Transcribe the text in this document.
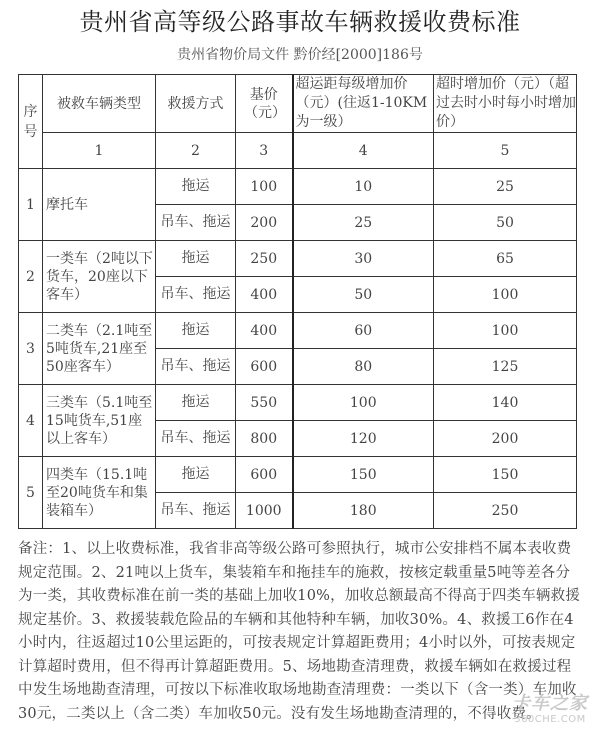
贵州省高等级公路事故车辆救援收费标准
贵州省物价局文件 黔价经[2000]186号
序号	被救车辆类型	救援方式	基价（元）	超运距每级增加价（元）(往返1-10KM为一级）	超时增加价（元）（超过去时小时每小时增加价）
	1	2	3	4	5
1	摩托车	拖运	100	10	25
		吊车、拖运	200	25	50
2	一类车（2吨以下货车，20座以下客车）	拖运	250	30	65
		吊车、拖运	400	50	100
3	二类车（2.1吨至5吨货车,21座至50座客车）	拖运	400	60	100
		吊车、拖运	600	80	125
4	三类车（5.1吨至15吨货车,51座以上客车）	拖运	550	100	140
		吊车、拖运	800	120	200
5	四类车（15.1吨至20吨货车和集装箱车）	拖运	600	150	150
		吊车、拖运	1000	180	250
备注：1、以上收费标准，我省非高等级公路可参照执行，城市公安排档不属本表收费规定范围。2、21吨以上货车，集装箱车和拖挂车的施救，按核定载重量5吨等差各分为一类，其收费标准在前一类的基础上加收10%，加收总额最高不得高于四类车辆救援规定基价。3、救援装载危险品的车辆和其他特种车辆，加收30%。4、救援工6作在4小时内，往返超过10公里运距的，可按表规定计算超距费用；4小时以外，可按表规定计算超时费用，但不得再计算超距费用。5、场地勘查清理费，救援车辆如在救援过程中发生场地勘查清理，可按以下标准收取场地勘查清理费：一类以下（含一类）车加收30元，二类以上（含二类）车加收50元。没有发生场地勘查清理的，不得收费。
卡车之家
360CHE.COM
